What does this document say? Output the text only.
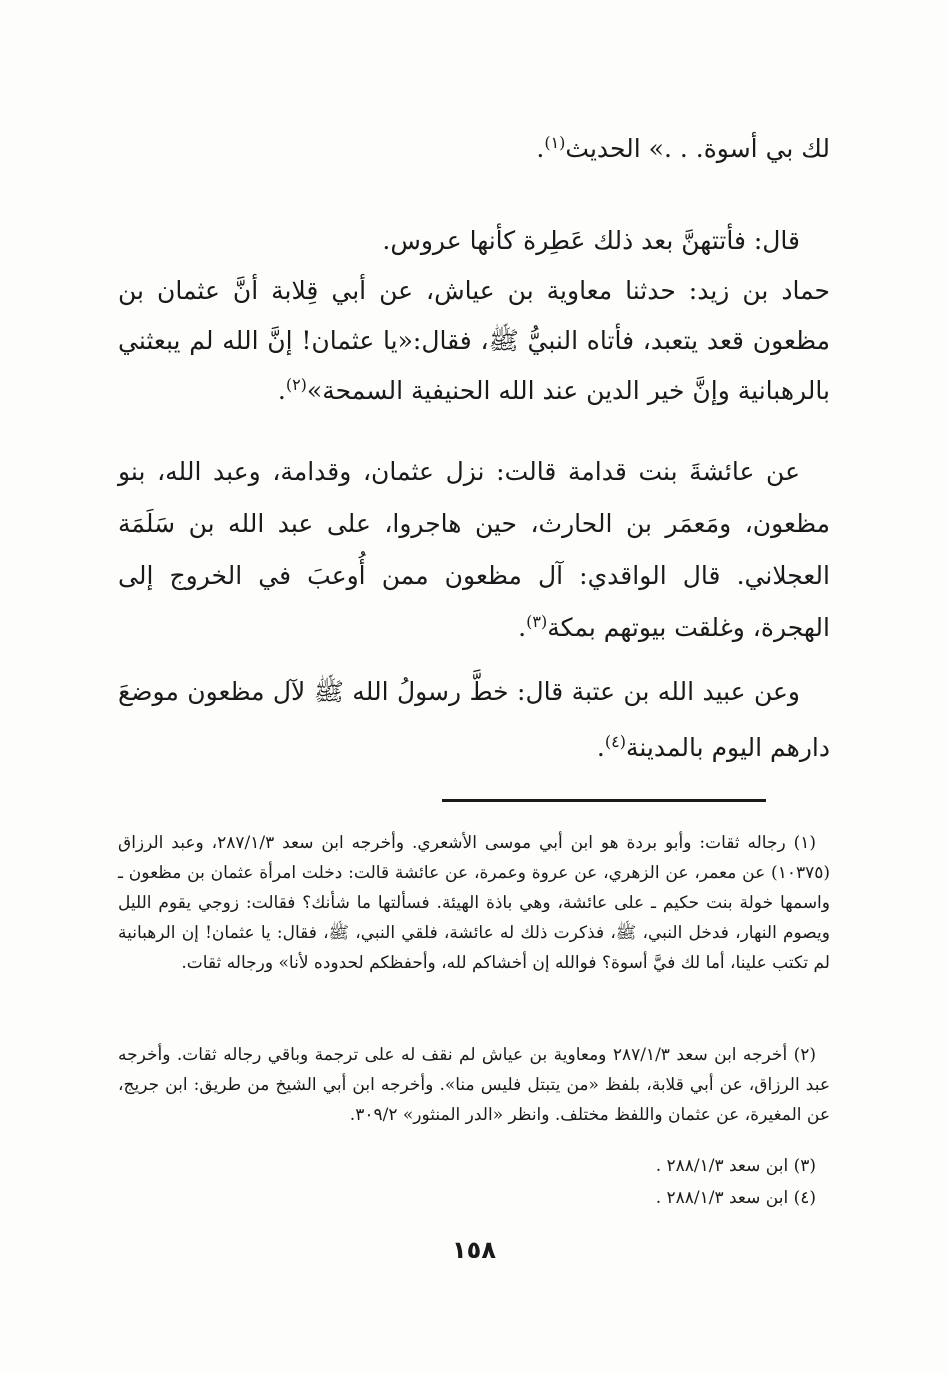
لك بي أسوة. . .» الحديث$^{(١)}$.

قال: فأتتهنَّ بعد ذلك عَطِرة كأنها عروس.

حماد بن زيد: حدثنا معاوية بن عياش، عن أبي قِلابة أنَّ عثمان بن مظعون قعد يتعبد، فأتاه النبيُّ ﷺ، فقال:«يا عثمان! إنَّ الله لم يبعثني بالرهبانية وإنَّ خير الدين عند الله الحنيفية السمحة»$^{(٢)}$.

عن عائشةَ بنت قدامة قالت: نزل عثمان، وقدامة، وعبد الله، بنو مظعون، ومَعمَر بن الحارث، حين هاجروا، على عبد الله بن سَلَمَة العجلاني. قال الواقدي: آل مظعون ممن أُوعبَ في الخروج إلى الهجرة، وغلقت بيوتهم بمكة$^{(٣)}$.

وعن عبيد الله بن عتبة قال: خطَّ رسولُ الله ﷺ لآل مظعون موضعَ دارهم اليوم بالمدينة$^{(٤)}$.

(١) رجاله ثقات: وأبو بردة هو ابن أبي موسى الأشعري. وأخرجه ابن سعد ٢٨٧/١/٣، وعبد الرزاق (١٠٣٧٥) عن معمر، عن الزهري، عن عروة وعمرة، عن عائشة قالت: دخلت امرأة عثمان بن مظعون ـ واسمها خولة بنت حكيم ـ على عائشة، وهي باذة الهيئة. فسألتها ما شأنك؟ فقالت: زوجي يقوم الليل ويصوم النهار، فدخل النبي، ﷺ، فذكرت ذلك له عائشة، فلقي النبي، ﷺ، فقال: يا عثمان! إن الرهبانية لم تكتب علينا، أما لك فيَّ أسوة؟ فوالله إن أخشاكم لله، وأحفظكم لحدوده لأنا» ورجاله ثقات.

(٢) أخرجه ابن سعد ٢٨٧/١/٣ ومعاوية بن عياش لم نقف له على ترجمة وباقي رجاله ثقات. وأخرجه عبد الرزاق، عن أبي قلابة، بلفظ «من يتبتل فليس منا». وأخرجه ابن أبي الشيخ من طريق: ابن جريج، عن المغيرة، عن عثمان واللفظ مختلف. وانظر «الدر المنثور» ٣٠٩/٢.

(٣) ابن سعد ٢٨٨/١/٣ .

(٤) ابن سعد ٢٨٨/١/٣ .

١٥٨
